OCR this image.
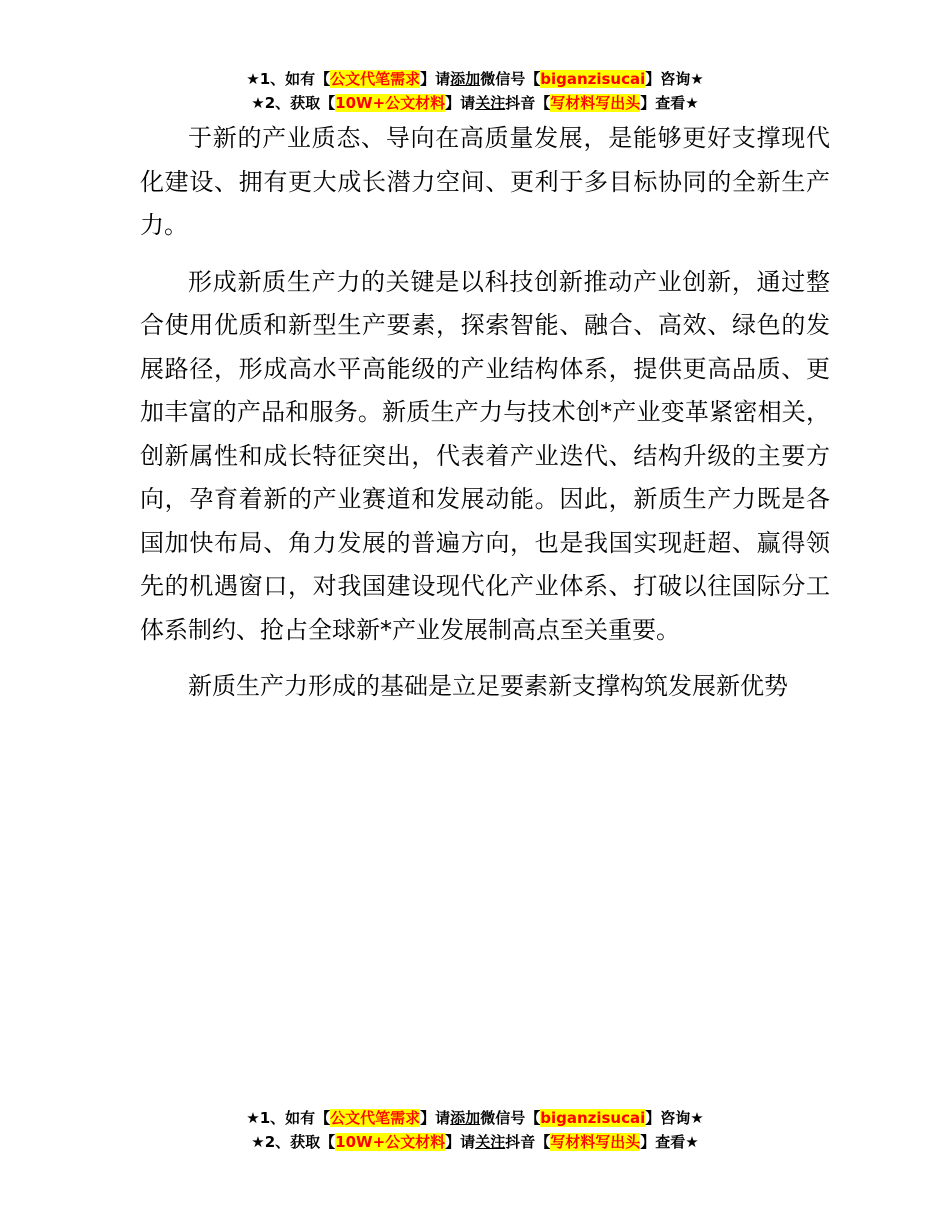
★1、如有【公文代笔需求】请添加微信号【biganzisucai】咨询★
★2、获取【10W+公文材料】请关注抖音【写材料写出头】查看★

于新的产业质态、导向在高质量发展，是能够更好支撑现代化建设、拥有更大成长潜力空间、更利于多目标协同的全新生产力。

形成新质生产力的关键是以科技创新推动产业创新，通过整合使用优质和新型生产要素，探索智能、融合、高效、绿色的发展路径，形成高水平高能级的产业结构体系，提供更高品质、更加丰富的产品和服务。新质生产力与技术创*产业变革紧密相关，创新属性和成长特征突出，代表着产业迭代、结构升级的主要方向，孕育着新的产业赛道和发展动能。因此，新质生产力既是各国加快布局、角力发展的普遍方向，也是我国实现赶超、赢得领先的机遇窗口，对我国建设现代化产业体系、打破以往国际分工体系制约、抢占全球新*产业发展制高点至关重要。

新质生产力形成的基础是立足要素新支撑构筑发展新优势

★1、如有【公文代笔需求】请添加微信号【biganzisucai】咨询★
★2、获取【10W+公文材料】请关注抖音【写材料写出头】查看★
